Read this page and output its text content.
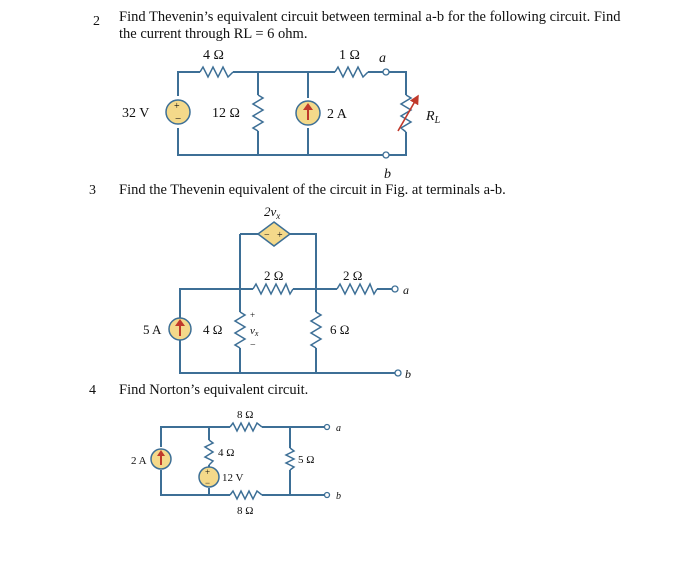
2 Find Thevenin’s equivalent circuit between terminal a-b for the following circuit. Find
the current through RL = 6 ohm.
3 Find the Thevenin equivalent of the circuit in Fig. at terminals a-b.
4 Find Norton’s equivalent circuit.
+
−
4 Ω	1 Ω a
32 V	12 Ω	2 A	$R_L$
b
− +
$2v_x$
2 Ω	2 Ω
a
5 A	4 Ω
+
vx
−
6 Ω
b
+
−
8 Ω
4 Ω
2 A
12 V
5 Ω
a
b
8 Ω
